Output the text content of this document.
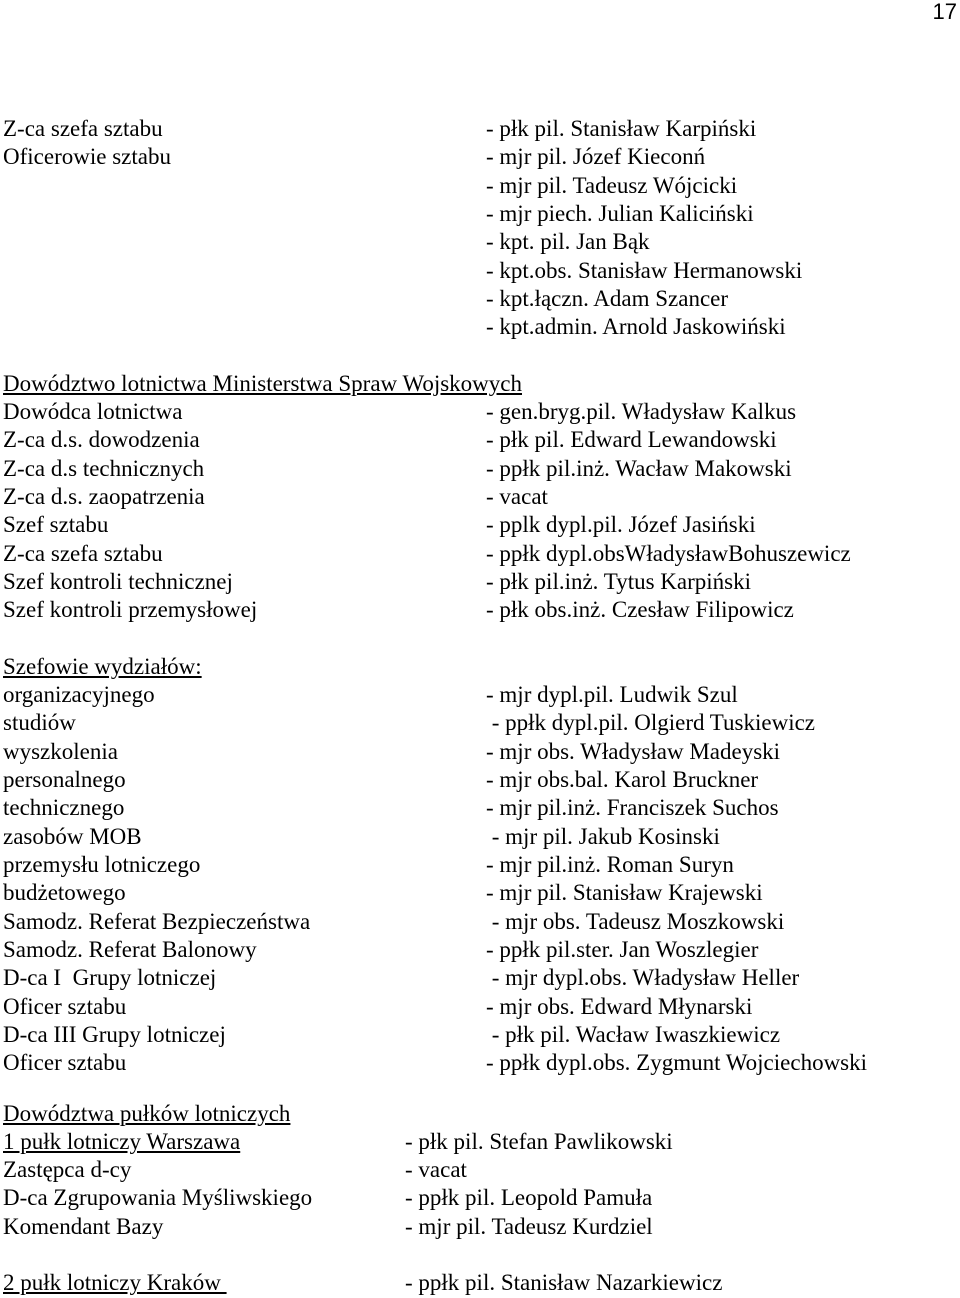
17
Z-ca szefa sztabu	- płk pil. Stanisław Karpiński
Oficerowie sztabu	- mjr pil. Józef Kieconń
- mjr pil. Tadeusz Wójcicki
- mjr piech. Julian Kaliciński
- kpt. pil. Jan Bąk
- kpt.obs. Stanisław Hermanowski
- kpt.łączn. Adam Szancer
- kpt.admin. Arnold Jaskowiński
Dowództwo lotnictwa Ministerstwa Spraw Wojskowych
Dowódca lotnictwa	- gen.bryg.pil. Władysław Kalkus
Z-ca d.s. dowodzenia	- płk pil. Edward Lewandowski
Z-ca d.s technicznych	- ppłk pil.inż. Wacław Makowski
Z-ca d.s. zaopatrzenia	- vacat
Szef sztabu	- pplk dypl.pil. Józef Jasiński
Z-ca szefa sztabu	- ppłk dypl.obsWładysławBohuszewicz
Szef kontroli technicznej	- płk pil.inż. Tytus Karpiński
Szef kontroli przemysłowej	- płk obs.inż. Czesław Filipowicz
Szefowie wydziałów:
organizacyjnego	- mjr dypl.pil. Ludwik Szul
studiów	- ppłk dypl.pil. Olgierd Tuskiewicz
wyszkolenia	- mjr obs. Władysław Madeyski
personalnego	- mjr obs.bal. Karol Bruckner
technicznego	- mjr pil.inż. Franciszek Suchos
zasobów MOB	- mjr pil. Jakub Kosinski
przemysłu lotniczego	- mjr pil.inż. Roman Suryn
budżetowego	- mjr pil. Stanisław Krajewski
Samodz. Referat Bezpieczeństwa	- mjr obs. Tadeusz Moszkowski
Samodz. Referat Balonowy	- ppłk pil.ster. Jan Woszlegier
D-ca I  Grupy lotniczej	- mjr dypl.obs. Władysław Heller
Oficer sztabu	- mjr obs. Edward Młynarski
D-ca III Grupy lotniczej	- płk pil. Wacław Iwaszkiewicz
Oficer sztabu	- ppłk dypl.obs. Zygmunt Wojciechowski
Dowództwa pułków lotniczych
1 pułk lotniczy Warszawa	- płk pil. Stefan Pawlikowski
Zastępca d-cy	- vacat
D-ca Zgrupowania Myśliwskiego	- ppłk pil. Leopold Pamuła
Komendant Bazy	- mjr pil. Tadeusz Kurdziel
2 pułk lotniczy Kraków	- ppłk pil. Stanisław Nazarkiewicz
